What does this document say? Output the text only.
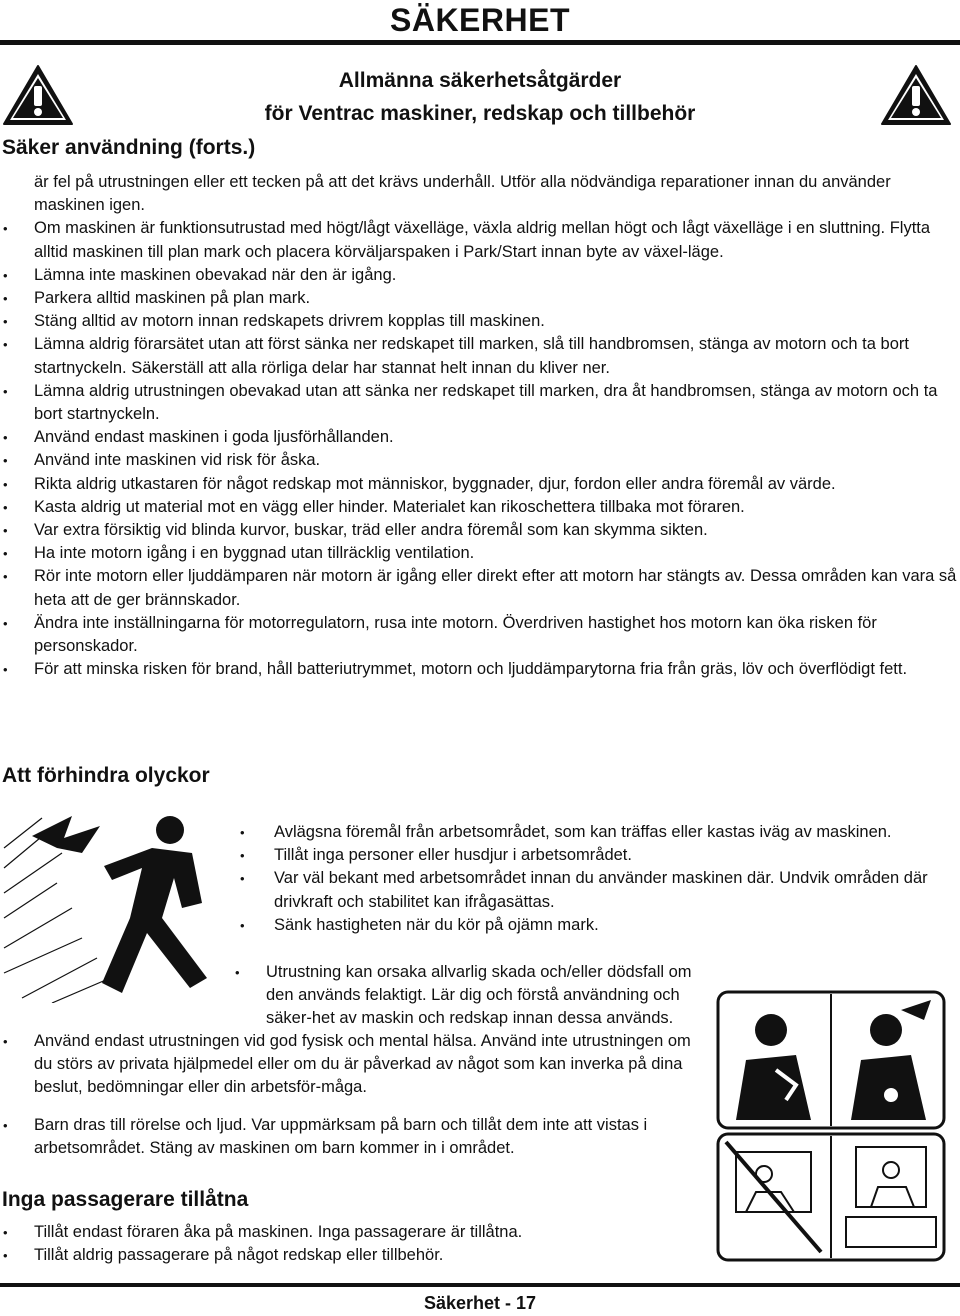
SÄKERHET
Allmänna säkerhetsåtgärder
för Ventrac maskiner, redskap och tillbehör
Säker användning (forts.)
är fel på utrustningen eller ett tecken på att det krävs underhåll. Utför alla nödvändiga reparationer innan du använder maskinen igen.
• Om maskinen är funktionsutrustad med högt/lågt växelläge, växla aldrig mellan högt och lågt växelläge i en sluttning. Flytta alltid maskinen till plan mark och placera körväljarspaken i Park/Start innan byte av växel-läge.
• Lämna inte maskinen obevakad när den är igång.
• Parkera alltid maskinen på plan mark.
• Stäng alltid av motorn innan redskapets drivrem kopplas till maskinen.
• Lämna aldrig förarsätet utan att först sänka ner redskapet till marken, slå till handbromsen, stänga av motorn och ta bort startnyckeln. Säkerställ att alla rörliga delar har stannat helt innan du kliver ner.
• Lämna aldrig utrustningen obevakad utan att sänka ner redskapet till marken, dra åt handbromsen, stänga av motorn och ta bort startnyckeln.
• Använd endast maskinen i goda ljusförhållanden.
• Använd inte maskinen vid risk för åska.
• Rikta aldrig utkastaren för något redskap mot människor, byggnader, djur, fordon eller andra föremål av värde.
• Kasta aldrig ut material mot en vägg eller hinder. Materialet kan rikoschettera tillbaka mot föraren.
• Var extra försiktig vid blinda kurvor, buskar, träd eller andra föremål som kan skymma sikten.
• Ha inte motorn igång i en byggnad utan tillräcklig ventilation.
• Rör inte motorn eller ljuddämparen när motorn är igång eller direkt efter att motorn har stängts av. Dessa områden kan vara så heta att de ger brännskador.
• Ändra inte inställningarna för motorregulatorn, rusa inte motorn. Överdriven hastighet hos motorn kan öka risken för personskador.
• För att minska risken för brand, håll batteriutrymmet, motorn och ljuddämparytorna fria från gräs, löv och överflödigt fett.
Att förhindra olyckor
• Avlägsna föremål från arbetsområdet, som kan träffas eller kastas iväg av maskinen.
• Tillåt inga personer eller husdjur i arbetsområdet.
• Var väl bekant med arbetsområdet innan du använder maskinen där. Undvik områden där drivkraft och stabilitet kan ifrågasättas.
• Sänk hastigheten när du kör på ojämn mark.
• Utrustning kan orsaka allvarlig skada och/eller dödsfall om den används felaktigt. Lär dig och förstå användning och säker-het av maskin och redskap innan dessa används.
• Använd endast utrustningen vid god fysisk och mental hälsa. Använd inte utrustningen om du störs av privata hjälpmedel eller om du är påverkad av något som kan inverka på dina beslut, bedömningar eller din arbetsför-måga.
• Barn dras till rörelse och ljud. Var uppmärksam på barn och tillåt dem inte att vistas i arbetsområdet. Stäng av maskinen om barn kommer in i området.
Inga passagerare tillåtna
• Tillåt endast föraren åka på maskinen. Inga passagerare är tillåtna.
• Tillåt aldrig passagerare på något redskap eller tillbehör.
Säkerhet - 17
